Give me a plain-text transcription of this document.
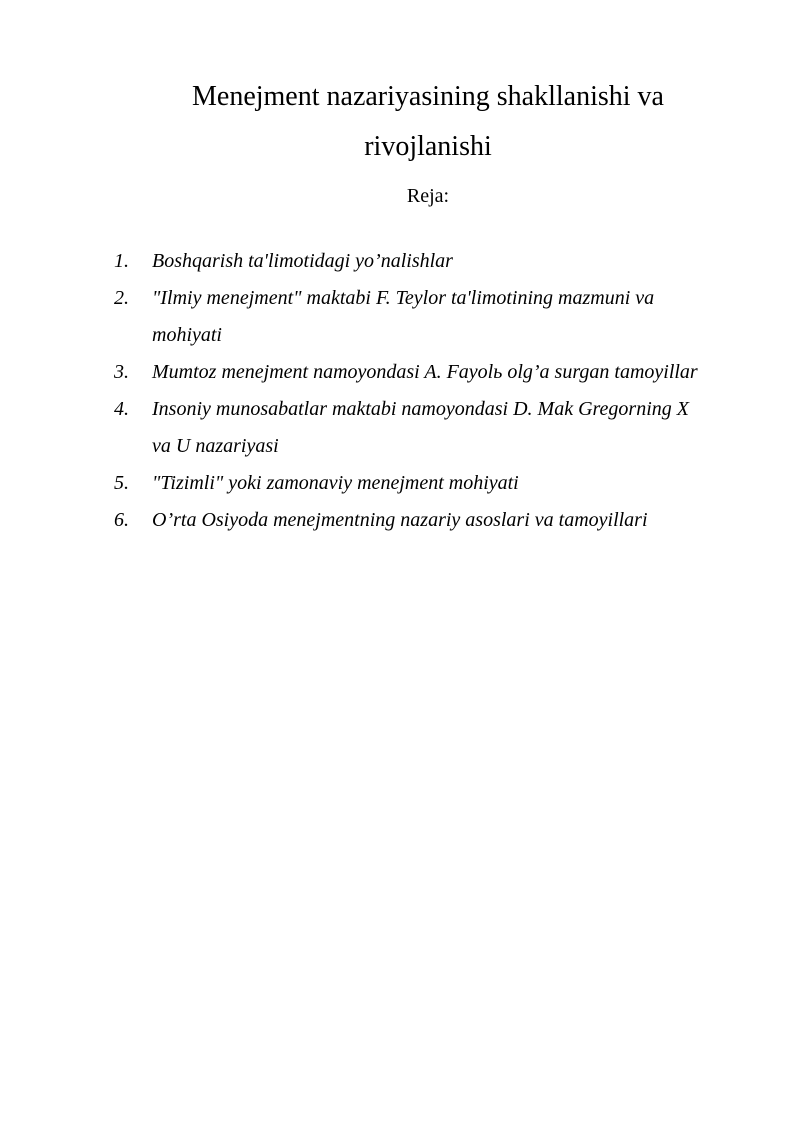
Menejment nazariyasining shakllanishi va
rivojlanishi
Reja:
1. Boshqarish ta'limotidagi yo’nalishlar
2. "Ilmiy menejment" maktabi F. Teylor ta'limotining mazmuni va
mohiyati
3. Mumtoz menejment namoyondasi A. Fayolь olg’a surgan tamoyillar
4. Insoniy munosabatlar maktabi namoyondasi D. Mak Gregorning X
va U nazariyasi
5. "Tizimli" yoki zamonaviy menejment mohiyati
6. O’rta Osiyoda menejmentning nazariy asoslari va tamoyillari
